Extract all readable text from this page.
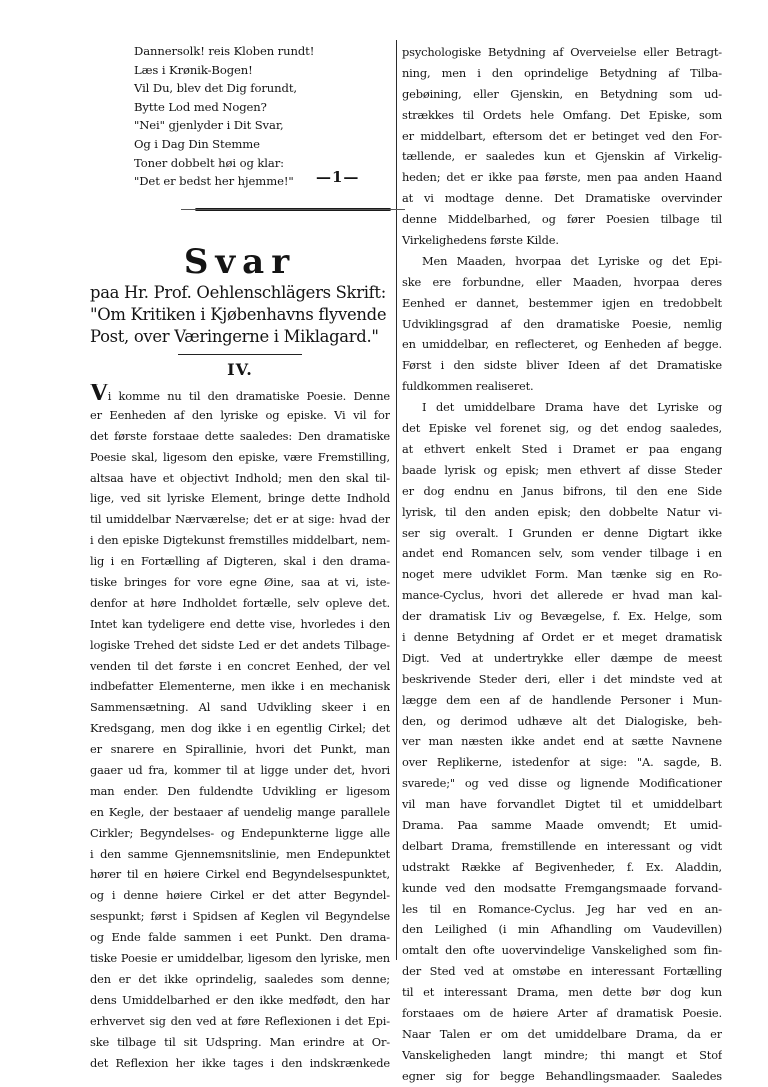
Dannersolk! reis Kloben rundt!
Læs i Krønik-Bogen!
Vil Du, blev det Dig forundt,
Bytte Lod med Nogen?
"Nei" gjenlyder i Dit Svar,
Og i Dag Din Stemme
Toner dobbelt høi og klar:
"Det er bedst her hjemme!"	—1—
Svar
paa Hr. Prof. Oehlenschlägers Skrift:
"Om Kritiken i Kjøbenhavns flyvende
Post, over Væringerne i Miklagard."
IV.
Vi komme nu til den dramatiske Poesie. Denne
er Eenheden af den lyriske og episke. Vi vil for
det første forstaae dette saaledes: Den dramatiske
Poesie skal, ligesom den episke, være Fremstilling,
altsaa have et objectivt Indhold; men den skal til-
lige, ved sit lyriske Element, bringe dette Indhold
til umiddelbar Nærværelse; det er at sige: hvad der
i den episke Digtekunst fremstilles middelbart, nem-
lig i en Fortælling af Digteren, skal i den drama-
tiske bringes for vore egne Øine, saa at vi, iste-
denfor at høre Indholdet fortælle, selv opleve det.
Intet kan tydeligere end dette vise, hvorledes i den
logiske Trehed det sidste Led er det andets Tilbage-
venden til det første i en concret Eenhed, der vel
indbefatter Elementerne, men ikke i en mechanisk
Sammensætning. Al sand Udvikling skeer i en
Kredsgang, men dog ikke i en egentlig Cirkel; det
er snarere en Spirallinie, hvori det Punkt, man
gaaer ud fra, kommer til at ligge under det, hvori
man ender. Den fuldendte Udvikling er ligesom
en Kegle, der bestaaer af uendelig mange parallele
Cirkler; Begyndelses- og Endepunkterne ligge alle
i den samme Gjennemsnitslinie, men Endepunktet
hører til en høiere Cirkel end Begyndelsespunktet,
og i denne høiere Cirkel er det atter Begyndel-
sespunkt; først i Spidsen af Keglen vil Begyndelse
og Ende falde sammen i eet Punkt. Den drama-
tiske Poesie er umiddelbar, ligesom den lyriske, men
den er det ikke oprindelig, saaledes som denne;
dens Umiddelbarhed er den ikke medfødt, den har
erhvervet sig den ved at føre Reflexionen i det Epi-
ske tilbage til sit Udspring. Man erindre at Or-
det Reflexion her ikke tages i den indskrænkede
psychologiske Betydning af Overveielse eller Betragt-
ning, men i den oprindelige Betydning af Tilba-
gebøining, eller Gjenskin, en Betydning som ud-
strækkes til Ordets hele Omfang. Det Episke, som
er middelbart, eftersom det er betinget ved den For-
tællende, er saaledes kun et Gjenskin af Virkelig-
heden; det er ikke paa første, men paa anden Haand
at vi modtage denne. Det Dramatiske overvinder
denne Middelbarhed, og fører Poesien tilbage til
Virkelighedens første Kilde.
Men Maaden, hvorpaa det Lyriske og det Epi-
ske ere forbundne, eller Maaden, hvorpaa deres
Eenhed er dannet, bestemmer igjen en tredobbelt
Udviklingsgrad af den dramatiske Poesie, nemlig
en umiddelbar, en reflecteret, og Eenheden af begge.
Først i den sidste bliver Ideen af det Dramatiske
fuldkommen realiseret.
I det umiddelbare Drama have det Lyriske og
det Episke vel forenet sig, og det endog saaledes,
at ethvert enkelt Sted i Dramet er paa engang
baade lyrisk og episk; men ethvert af disse Steder
er dog endnu en Janus bifrons, til den ene Side
lyrisk, til den anden episk; den dobbelte Natur vi-
ser sig overalt. I Grunden er denne Digtart ikke
andet end Romancen selv, som vender tilbage i en
noget mere udviklet Form. Man tænke sig en Ro-
mance-Cyclus, hvori det allerede er hvad man kal-
der dramatisk Liv og Bevægelse, f. Ex. Helge, som
i denne Betydning af Ordet er et meget dramatisk
Digt. Ved at undertrykke eller dæmpe de meest
beskrivende Steder deri, eller i det mindste ved at
lægge dem een af de handlende Personer i Mun-
den, og derimod udhæve alt det Dialogiske, beh-
ver man næsten ikke andet end at sætte Navnene
over Replikerne, istedenfor at sige: "A. sagde, B.
svarede;" og ved disse og lignende Modificationer
vil man have forvandlet Digtet til et umiddelbart
Drama. Paa samme Maade omvendt; Et umid-
delbart Drama, fremstillende en interessant og vidt
udstrakt Række af Begivenheder, f. Ex. Aladdin,
kunde ved den modsatte Fremgangsmaade forvand-
les til en Romance-Cyclus. Jeg har ved en an-
den Leilighed (i min Afhandling om Vaudevillen)
omtalt den ofte uovervindelige Vanskelighed som fin-
der Sted ved at omstøbe en interessant Fortælling
til et interessant Drama, men dette bør dog kun
forstaaes om de høiere Arter af dramatisk Poesie.
Naar Talen er om det umiddelbare Drama, da er
Vanskeligheden langt mindre; thi mangt et Stof
egner sig for begge Behandlingsmaader. Saaledes
